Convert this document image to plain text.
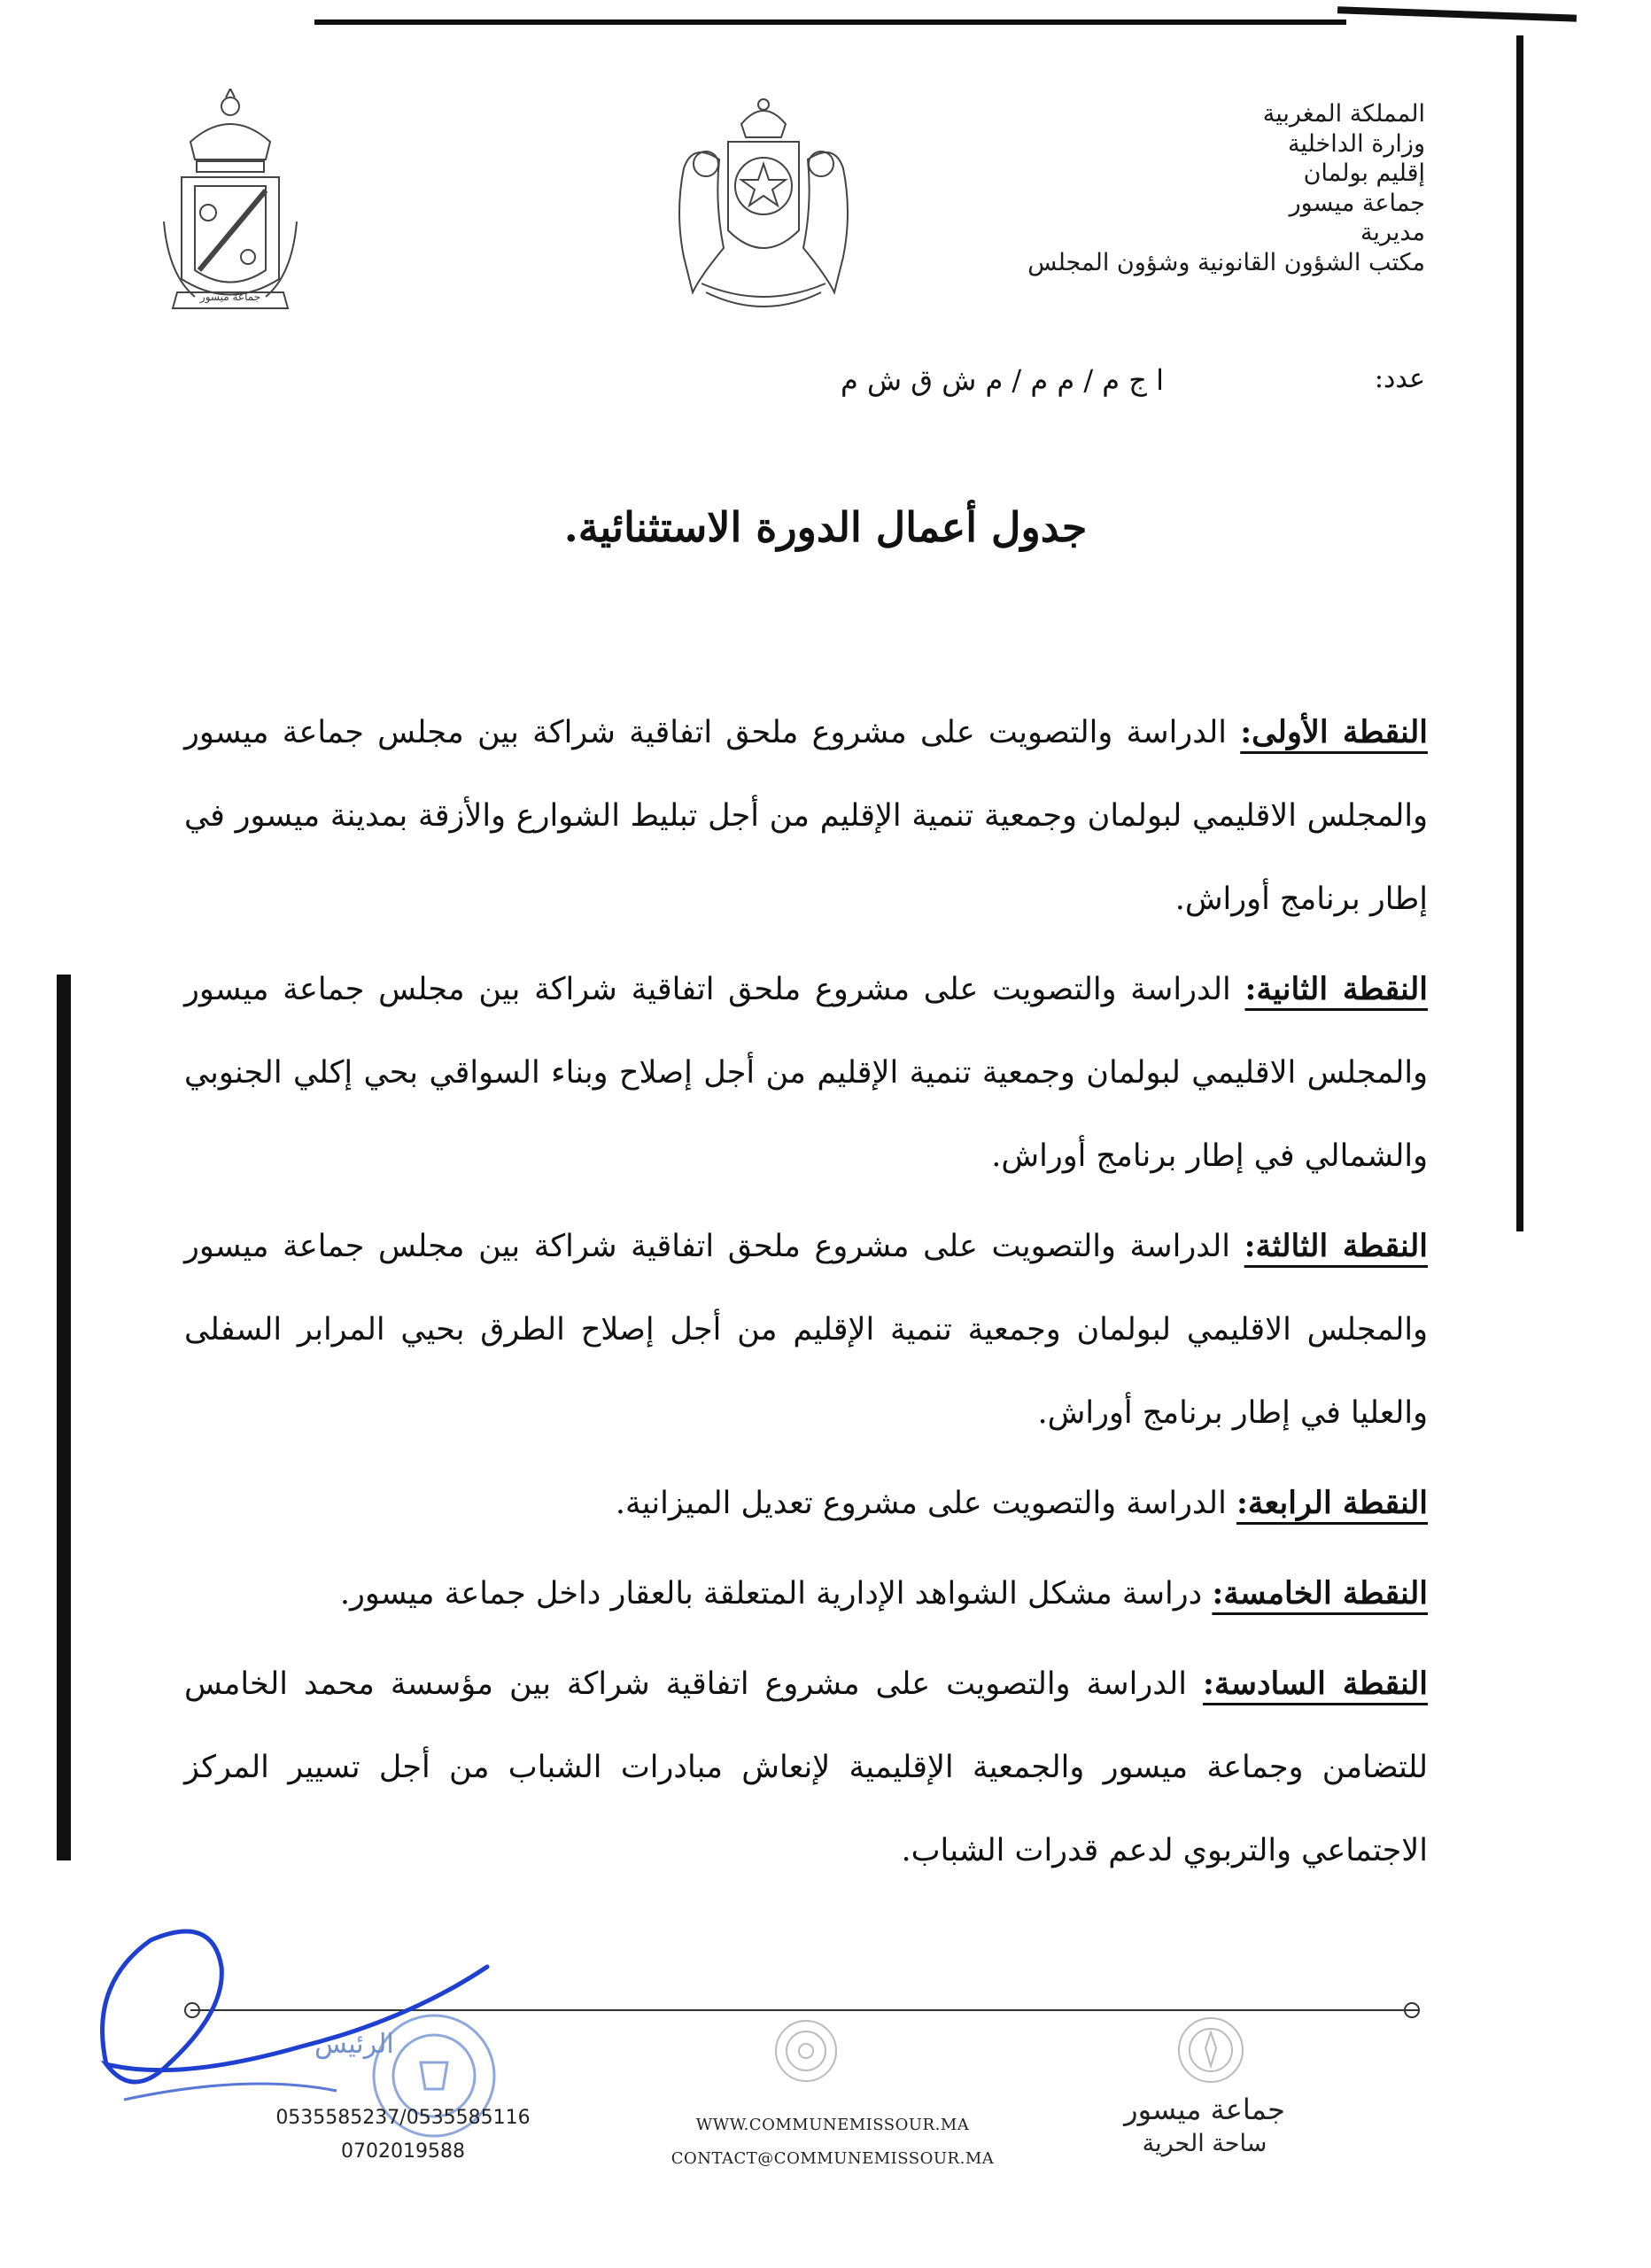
جماعة ميسور
المملكة المغربية
وزارة الداخلية
إقليم بولمان
جماعة ميسور
مديرية
مكتب الشؤون القانونية وشؤون المجلس
عدد:
ا ج م / م م / م ش ق ش م
جدول أعمال الدورة الاستثنائية.
النقطة الأولى: الدراسة والتصويت على مشروع ملحق اتفاقية شراكة بين مجلس جماعة ميسور والمجلس الاقليمي لبولمان وجمعية تنمية الإقليم من أجل تبليط الشوارع والأزقة بمدينة ميسور في إطار برنامج أوراش.
النقطة الثانية: الدراسة والتصويت على مشروع ملحق اتفاقية شراكة بين مجلس جماعة ميسور والمجلس الاقليمي لبولمان وجمعية تنمية الإقليم من أجل إصلاح وبناء السواقي بحي إكلي الجنوبي والشمالي في إطار برنامج أوراش.
النقطة الثالثة: الدراسة والتصويت على مشروع ملحق اتفاقية شراكة بين مجلس جماعة ميسور والمجلس الاقليمي لبولمان وجمعية تنمية الإقليم من أجل إصلاح الطرق بحيي المرابر السفلى والعليا في إطار برنامج أوراش.
النقطة الرابعة: الدراسة والتصويت على مشروع تعديل الميزانية.
النقطة الخامسة: دراسة مشكل الشواهد الإدارية المتعلقة بالعقار داخل جماعة ميسور.
النقطة السادسة: الدراسة والتصويت على مشروع اتفاقية شراكة بين مؤسسة محمد الخامس للتضامن وجماعة ميسور والجمعية الإقليمية لإنعاش مبادرات الشباب من أجل تسيير المركز الاجتماعي والتربوي لدعم قدرات الشباب.
الرئيس
0535585237/0535585116
0702019588
WWW.COMMUNEMISSOUR.MA
CONTACT@COMMUNEMISSOUR.MA
جماعة ميسور
ساحة الحرية
